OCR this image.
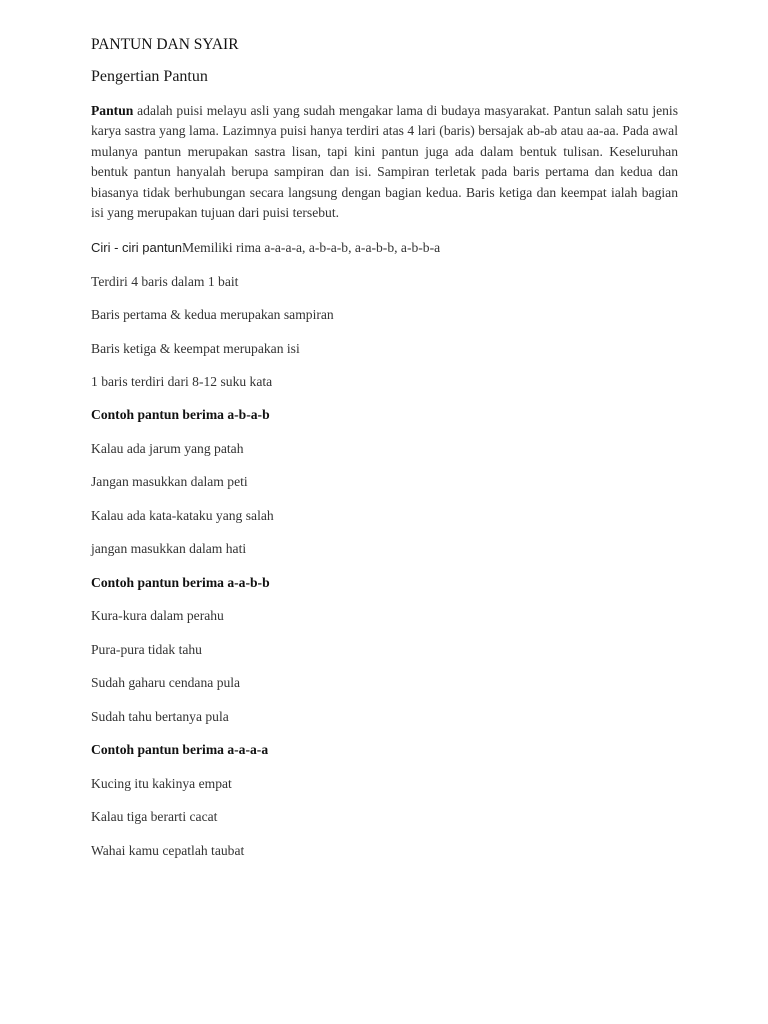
PANTUN DAN SYAIR
Pengertian Pantun
Pantun adalah puisi melayu asli yang sudah mengakar lama di budaya masyarakat. Pantun salah satu jenis karya sastra yang lama. Lazimnya puisi hanya terdiri atas 4 lari (baris) bersajak ab-ab atau aa-aa. Pada awal mulanya pantun merupakan sastra lisan, tapi kini pantun juga ada dalam bentuk tulisan. Keseluruhan bentuk pantun hanyalah berupa sampiran dan isi. Sampiran terletak pada baris pertama dan kedua dan biasanya tidak berhubungan secara langsung dengan bagian kedua. Baris ketiga dan keempat ialah bagian isi yang merupakan tujuan dari puisi tersebut.
Ciri - ciri pantunMemiliki rima a-a-a-a, a-b-a-b, a-a-b-b, a-b-b-a
Terdiri 4 baris dalam 1 bait
Baris pertama & kedua merupakan sampiran
Baris ketiga & keempat merupakan isi
1 baris terdiri dari 8-12 suku kata
Contoh pantun berima a-b-a-b
Kalau ada jarum yang patah
Jangan masukkan dalam peti
Kalau ada kata-kataku yang salah
jangan masukkan dalam hati
Contoh pantun berima a-a-b-b
Kura-kura dalam perahu
Pura-pura tidak tahu
Sudah gaharu cendana pula
Sudah tahu bertanya pula
Contoh pantun berima a-a-a-a
Kucing itu kakinya empat
Kalau tiga berarti cacat
Wahai kamu cepatlah taubat
